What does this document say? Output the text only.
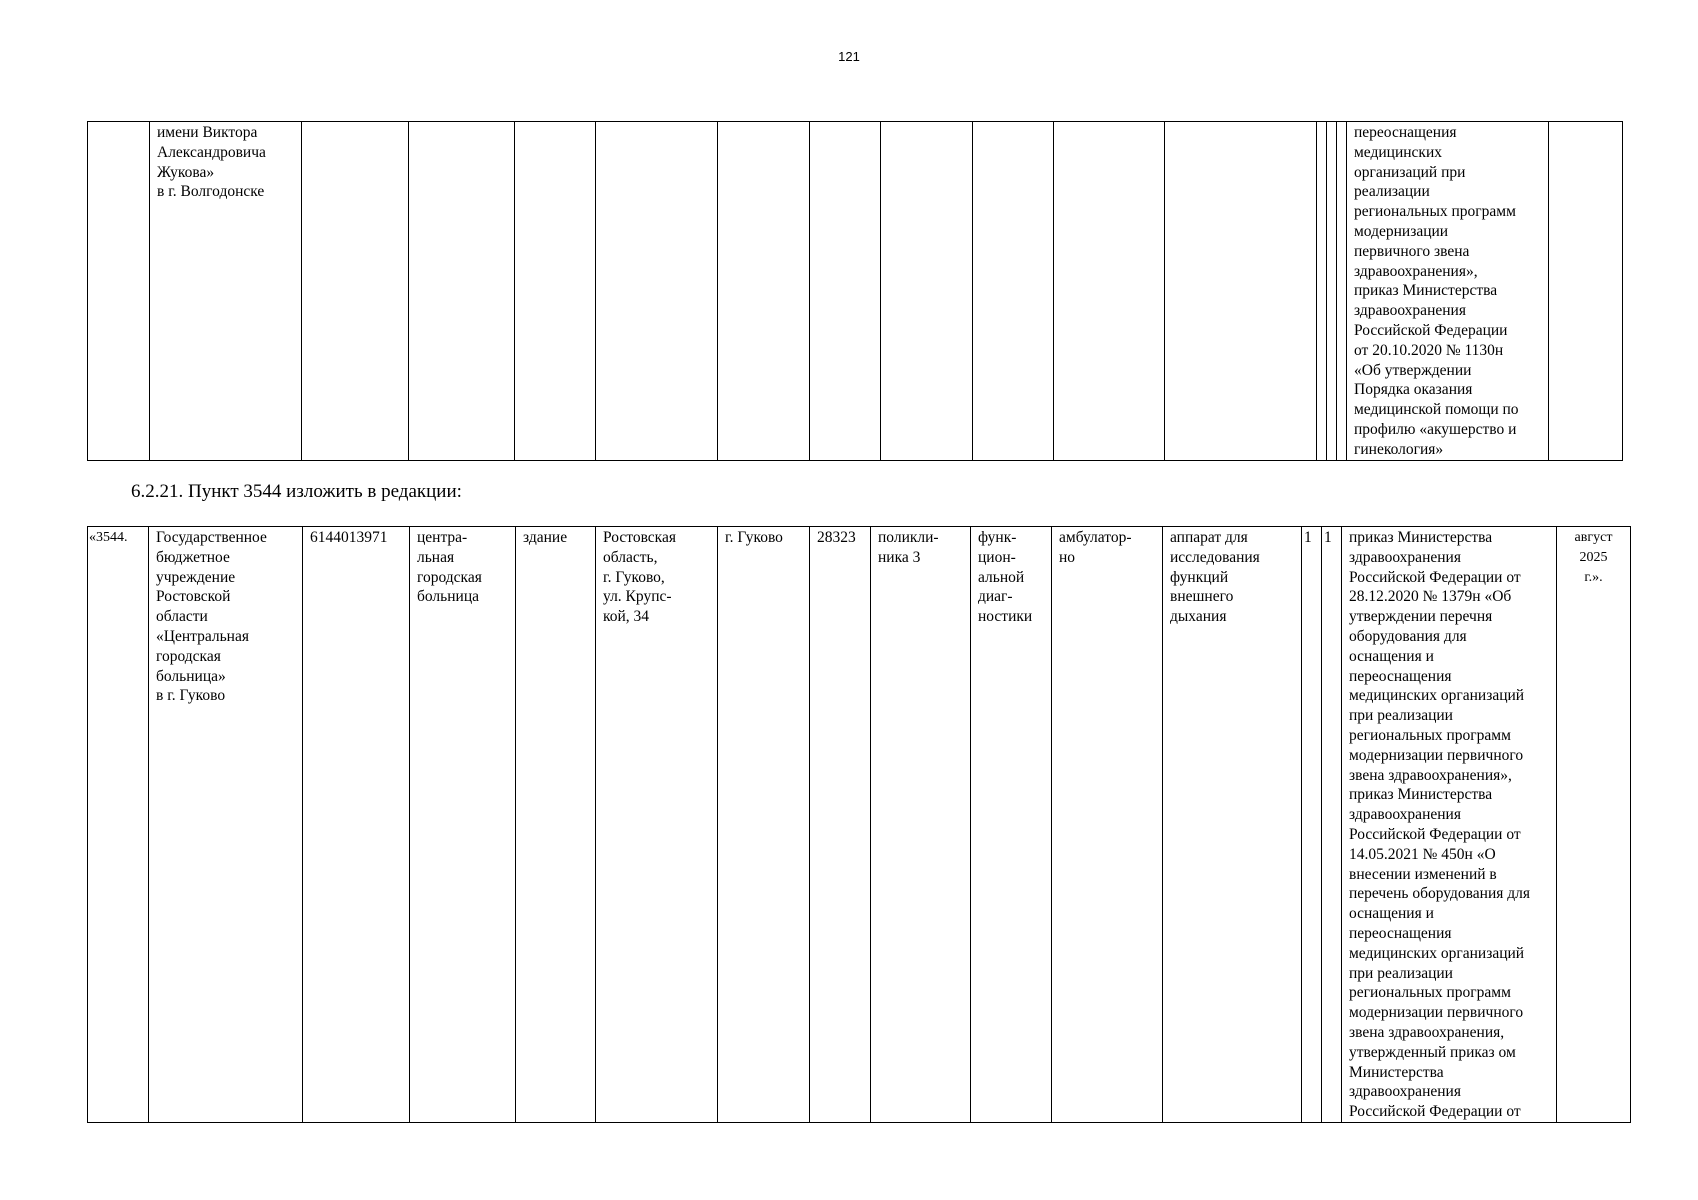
121
	имени Виктора
Александровича
Жукова»
в г. Волгодонске														переоснащения
медицинских
организаций при
реализации
региональных программ
модернизации
первичного звена
здравоохранения»,
приказ Министерства
здравоохранения
Российской Федерации
от 20.10.2020 № 1130н
«Об утверждении
Порядка оказания
медицинской помощи по
профилю «акушерство и
гинекология»	
6.2.21. Пункт 3544 изложить в редакции:
«3544.	Государственное
бюджетное
учреждение
Ростовской
области
«Центральная
городская
больница»
в г. Гуково	6144013971	центра-
льная
городская
больница	здание	Ростовская
область,
г. Гуково,
ул. Крупс-
кой, 34	г. Гуково	28323	поликли-
ника 3	функ-
цион-
альной
диаг-
ностики	амбулатор-
но	аппарат для
исследования
функций
внешнего
дыхания	1	1	приказ Министерства
здравоохранения
Российской Федерации от
28.12.2020 № 1379н «Об
утверждении перечня
оборудования для
оснащения и
переоснащения
медицинских организаций
при реализации
региональных программ
модернизации первичного
звена здравоохранения»,
приказ Министерства
здравоохранения
Российской Федерации от
14.05.2021 № 450н «О
внесении изменений в
перечень оборудования для
оснащения и
переоснащения
медицинских организаций
при реализации
региональных программ
модернизации первичного
звена здравоохранения,
утвержденный приказ ом
Министерства
здравоохранения
Российской Федерации от	август
2025
г.».
